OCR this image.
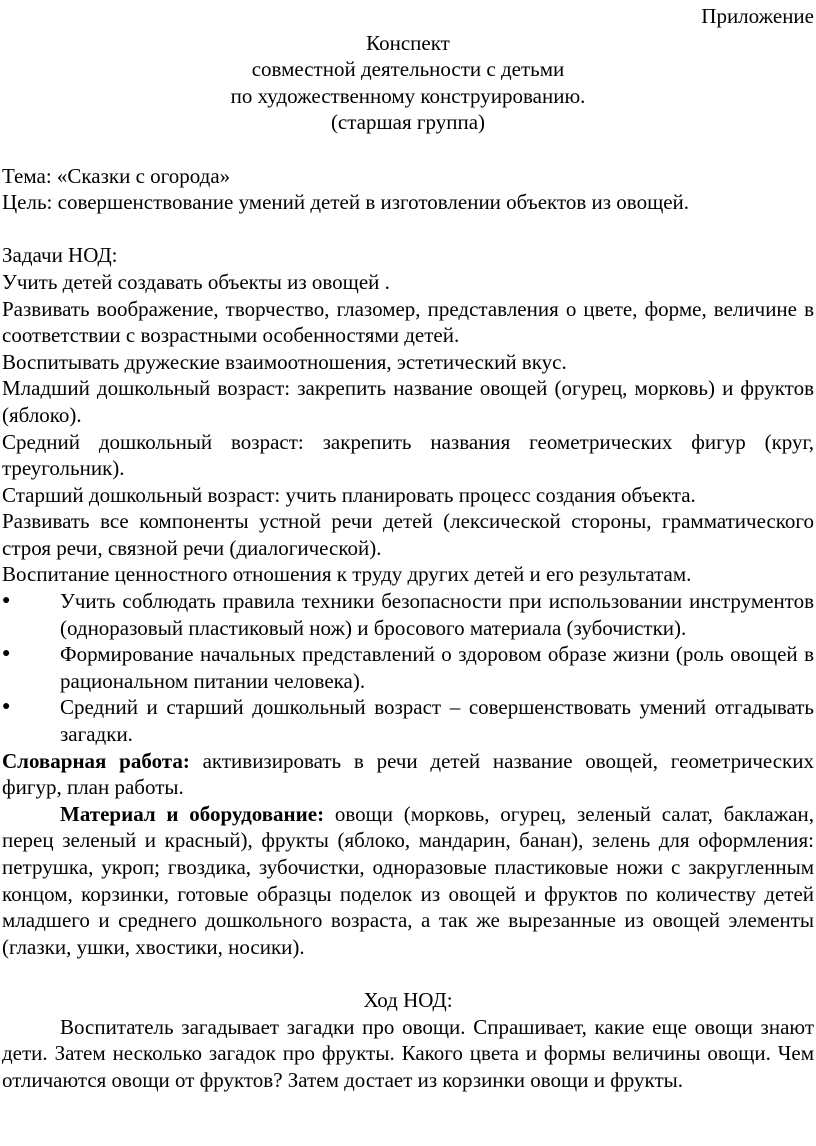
Приложение

Конспект

совместной деятельности с детьми

по художественному конструированию.

(старшая группа)

Тема: «Сказки с огорода»

Цель: совершенствование умений детей в изготовлении объектов из овощей.

Задачи НОД:

Учить детей создавать объекты из овощей .

Развивать воображение, творчество, глазомер, представления о цвете, форме, величине в соответствии с возрастными особенностями детей.

Воспитывать дружеские взаимоотношения, эстетический вкус.

Младший дошкольный возраст: закрепить название овощей (огурец, морковь) и фруктов (яблоко).

Средний дошкольный возраст: закрепить названия геометрических фигур (круг, треугольник).

Старший дошкольный возраст: учить планировать процесс создания объекта.

Развивать все компоненты устной речи детей (лексической стороны, грамматического строя речи, связной речи (диалогической).

Воспитание ценностного отношения к труду других детей и его результатам.

●	Учить соблюдать правила техники безопасности при использовании инструментов (одноразовый пластиковый нож) и бросового материала (зубочистки).
●	Формирование начальных представлений о здоровом образе жизни (роль овощей в рациональном питании человека).
●	Средний и старший дошкольный возраст – совершенствовать умений отгадывать загадки.

Словарная работа: активизировать в речи детей название овощей, геометрических фигур, план работы.

Материал и оборудование: овощи (морковь, огурец, зеленый салат, баклажан, перец зеленый и красный), фрукты (яблоко, мандарин, банан), зелень для оформления: петрушка, укроп; гвоздика, зубочистки, одноразовые пластиковые ножи с закругленным концом, корзинки, готовые образцы поделок из овощей и фруктов по количеству детей младшего и среднего дошкольного возраста, а так же вырезанные из овощей элементы (глазки, ушки, хвостики, носики).

Ход НОД:

Воспитатель загадывает загадки про овощи. Спрашивает, какие еще овощи знают дети. Затем несколько загадок про фрукты. Какого цвета и формы величины овощи. Чем отличаются овощи от фруктов? Затем достает из корзинки овощи и фрукты.
